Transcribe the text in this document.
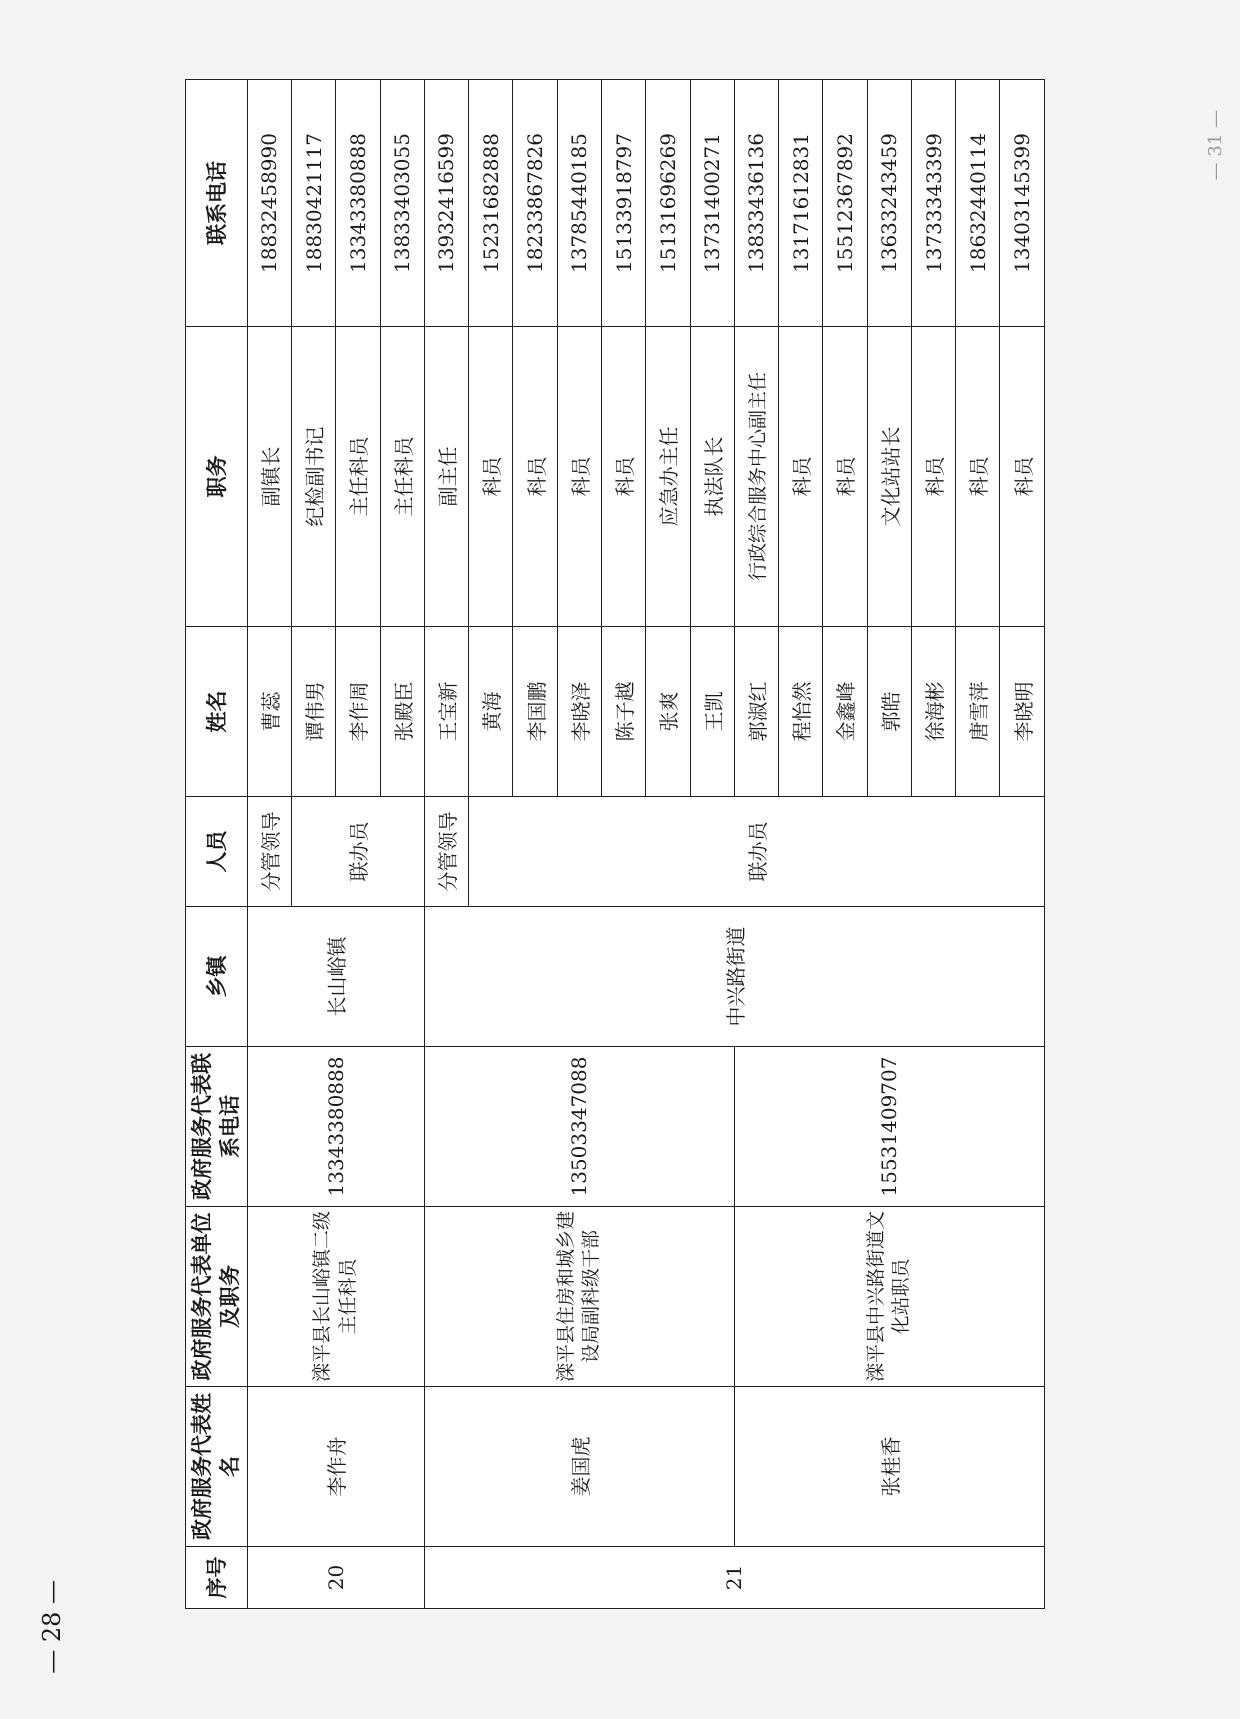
— 31 —
— 28 —
序号	政府服务代表姓名	政府服务代表单位及职务	政府服务代表联系电话	乡镇	人员	姓名	职务	联系电话
20	李作舟	滦平县长山峪镇二级主任科员	13343380888	长山峪镇	分管领导	曹蕊	副镇长	18832458990
					联办员	谭伟男	纪检副书记	18830421117
						李作周	主任科员	13343380888
						张殿臣	主任科员	13833403055
21	姜国虎	滦平县住房和城乡建设局副科级干部	13503347088	中兴路街道	分管领导	王宝新	副主任	13932416599
					联办员	黄海	科员	15231682888
						李国鹏	科员	18233867826
						李晓泽	科员	13785440185
						陈子越	科员	15133918797
						张爽	应急办主任	15131696269
						王凯	执法队长	13731400271
	张桂香	滦平县中兴路街道文化站职员	15531409707			郭淑红	行政综合服务中心副主任	13833436136
						程怡然	科员	13171612831
						金鑫峰	科员	15512367892
						郭皓	文化站站长	13633243459
						徐海彬	科员	13733343399
						唐雪萍	科员	18632440114
						李晓明	科员	13403145399
